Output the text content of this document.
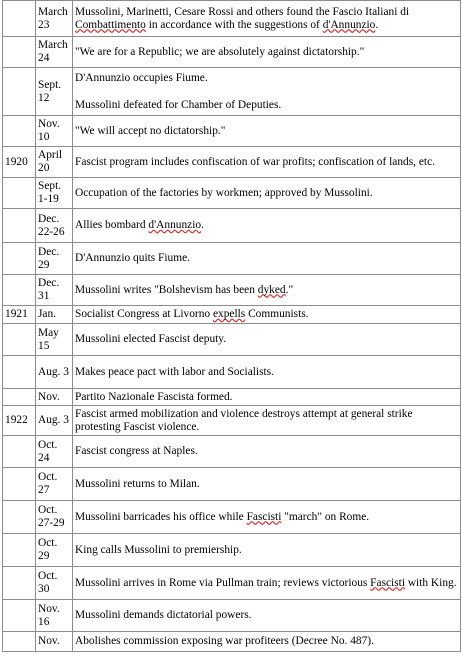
	March 23	Mussolini, Marinetti, Cesare Rossi and others found the Fascio Italiani di Combattimento in accordance with the suggestions of d'Annunzio.

	March 24	"We are for a Republic; we are absolutely against dictatorship."

	Sept. 12	D'Annunzio occupies Fiume.

Mussolini defeated for Chamber of Deputies.

	Nov. 10	"We will accept no dictatorship."

1920	April 20	Fascist program includes confiscation of war profits; confiscation of lands, etc.

	Sept. 1-19	Occupation of the factories by workmen; approved by Mussolini.

	Dec. 22-26	Allies bombard d'Annunzio.

	Dec. 29	D'Annunzio quits Fiume.

	Dec. 31	Mussolini writes "Bolshevism has been dyked."

1921	Jan.	Socialist Congress at Livorno expells Communists.

	May 15	Mussolini elected Fascist deputy.

	Aug. 3	Makes peace pact with labor and Socialists.

	Nov.	Partito Nazionale Fascista formed.

1922	Aug. 3	Fascist armed mobilization and violence destroys attempt at general strike protesting Fascist violence.

	Oct. 24	Fascist congress at Naples.

	Oct. 27	Mussolini returns to Milan.

	Oct. 27-29	Mussolini barricades his office while Fascisti "march" on Rome.

	Oct. 29	King calls Mussolini to premiership.

	Oct. 30	Mussolini arrives in Rome via Pullman train; reviews victorious Fascisti with King.

	Nov. 16	Mussolini demands dictatorial powers.

	Nov.	Abolishes commission exposing war profiteers (Decree No. 487).
